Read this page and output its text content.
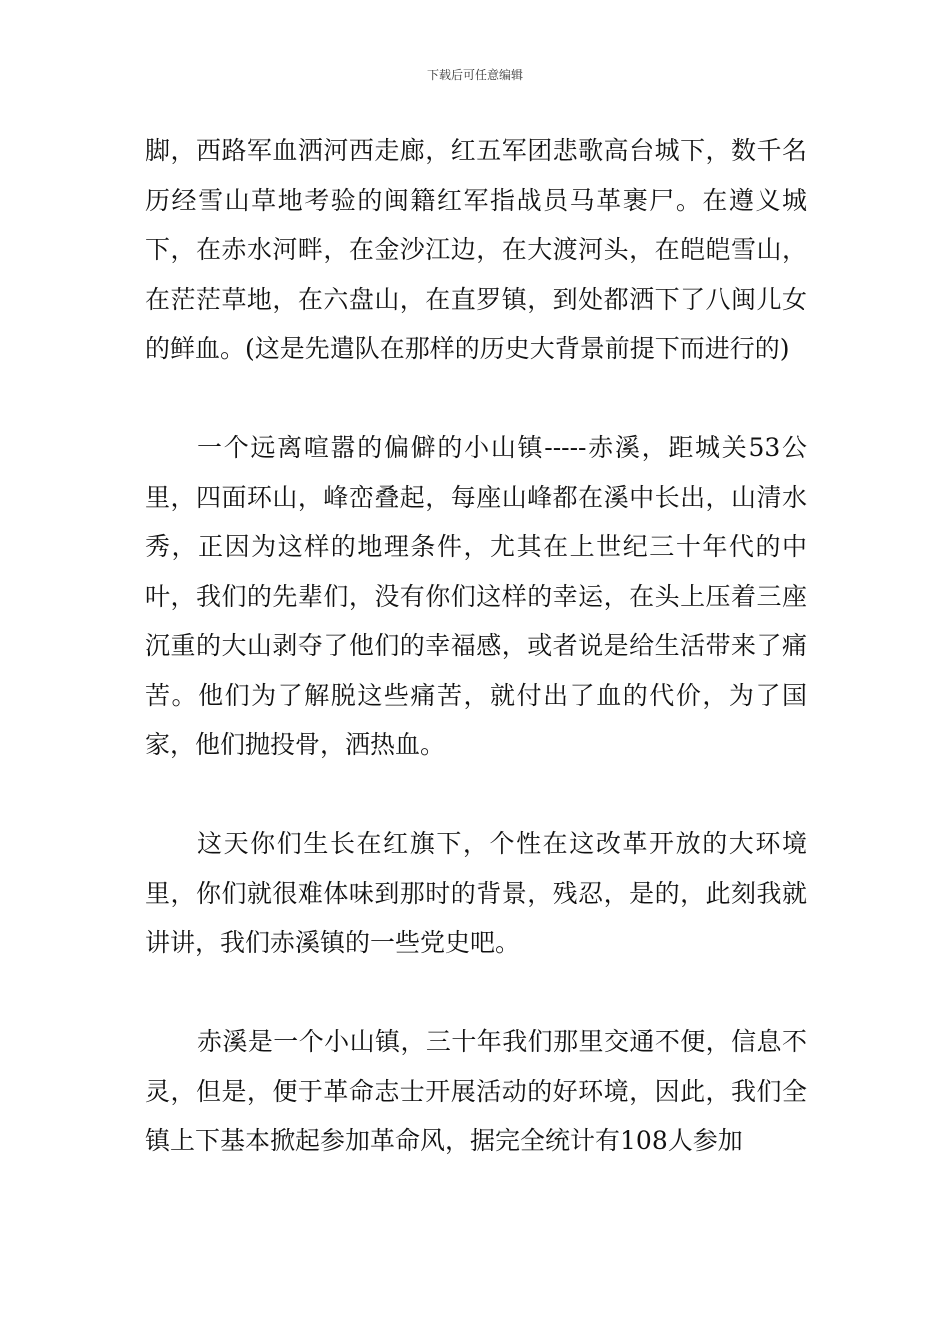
下载后可任意编辑

脚，西路军血洒河西走廊，红五军团悲歌高台城下，数千名历经雪山草地考验的闽籍红军指战员马革裹尸。在遵义城下，在赤水河畔，在金沙江边，在大渡河头，在皑皑雪山，在茫茫草地，在六盘山，在直罗镇，到处都洒下了八闽儿女的鲜血。(这是先遣队在那样的历史大背景前提下而进行的)

一个远离喧嚣的偏僻的小山镇-----赤溪，距城关53公里，四面环山，峰峦叠起，每座山峰都在溪中长出，山清水秀，正因为这样的地理条件，尤其在上世纪三十年代的中叶，我们的先辈们，没有你们这样的幸运，在头上压着三座沉重的大山剥夺了他们的幸福感，或者说是给生活带来了痛苦。他们为了解脱这些痛苦，就付出了血的代价，为了国家，他们抛投骨，洒热血。

这天你们生长在红旗下，个性在这改革开放的大环境里，你们就很难体味到那时的背景，残忍，是的，此刻我就讲讲，我们赤溪镇的一些党史吧。

赤溪是一个小山镇，三十年我们那里交通不便，信息不灵，但是，便于革命志士开展活动的好环境，因此，我们全镇上下基本掀起参加革命风，据完全统计有108人参加
